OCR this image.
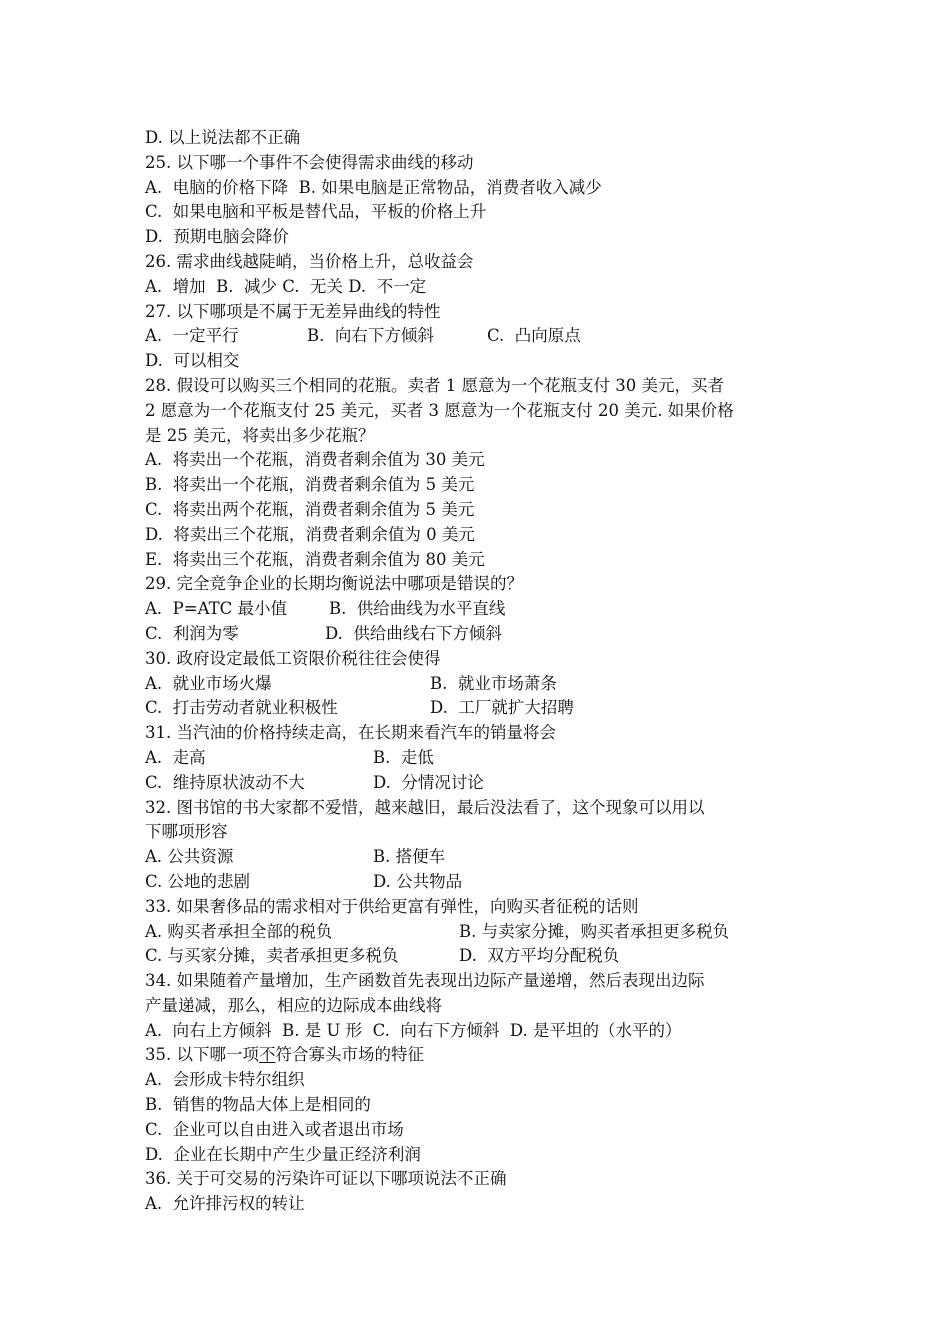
D. 以上说法都不正确
25. 以下哪一个事件不会使得需求曲线的移动
A.  电脑的价格下降  B. 如果电脑是正常物品，消费者收入减少
C.  如果电脑和平板是替代品，平板的价格上升
D.  预期电脑会降价
26. 需求曲线越陡峭，当价格上升，总收益会
A.  增加  B.  减少 C.  无关 D.  不一定
27. 以下哪项是不属于无差异曲线的特性

A.  一定平行

	B.  向右下方倾斜

	C.  凸向原点

D.  可以相交
28. 假设可以购买三个相同的花瓶。卖者 1 愿意为一个花瓶支付 30 美元，买者
2 愿意为一个花瓶支付 25 美元，买者 3 愿意为一个花瓶支付 20 美元. 如果价格
是 25 美元，将卖出多少花瓶？
A.  将卖出一个花瓶，消费者剩余值为 30 美元
B.  将卖出一个花瓶，消费者剩余值为 5 美元
C.  将卖出两个花瓶，消费者剩余值为 5 美元
D.  将卖出三个花瓶，消费者剩余值为 0 美元
E.  将卖出三个花瓶，消费者剩余值为 80 美元
29. 完全竞争企业的长期均衡说法中哪项是错误的？

A.  P=ATC 最小值

	B.  供给曲线为水平直线

C.  利润为零

	D.  供给曲线右下方倾斜

30. 政府设定最低工资限价税往往会使得

A.  就业市场火爆

	B.  就业市场萧条

C.  打击劳动者就业积极性

	D.  工厂就扩大招聘

31. 当汽油的价格持续走高，在长期来看汽车的销量将会

A.  走高

	B.  走低

C.  维持原状波动不大

	D.  分情况讨论

32. 图书馆的书大家都不爱惜，越来越旧，最后没法看了，这个现象可以用以
下哪项形容

A. 公共资源

	B. 搭便车

C. 公地的悲剧

	D. 公共物品

33. 如果奢侈品的需求相对于供给更富有弹性，向购买者征税的话则

A. 购买者承担全部的税负

	B. 与卖家分摊，购买者承担更多税负

C. 与买家分摊，卖者承担更多税负

	D.  双方平均分配税负

34. 如果随着产量增加，生产函数首先表现出边际产量递增，然后表现出边际
产量递减，那么，相应的边际成本曲线将
A.  向右上方倾斜  B. 是 U 形  C.  向右下方倾斜  D. 是平坦的（水平的）
35. 以下哪一项不符合寡头市场的特征
A.  会形成卡特尔组织
B.  销售的物品大体上是相同的
C.  企业可以自由进入或者退出市场
D.  企业在长期中产生少量正经济利润
36. 关于可交易的污染许可证以下哪项说法不正确
A.  允许排污权的转让
